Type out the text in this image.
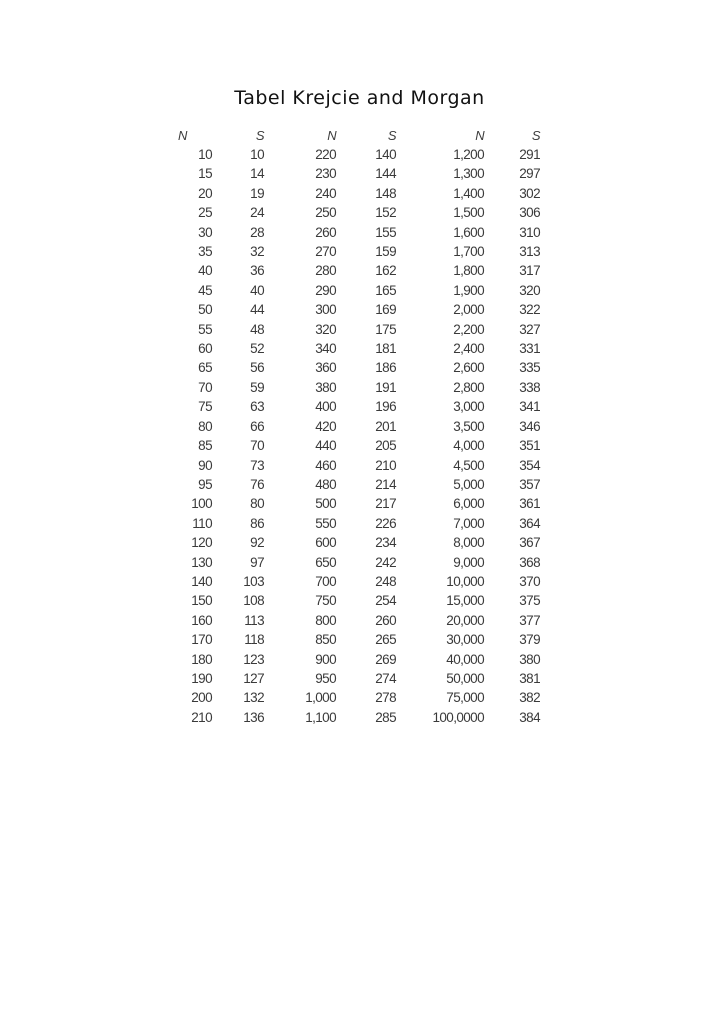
Tabel Krejcie and Morgan
N	S	N	S	N	S
10	10	220	140	1,200	291
15	14	230	144	1,300	297
20	19	240	148	1,400	302
25	24	250	152	1,500	306
30	28	260	155	1,600	310
35	32	270	159	1,700	313
40	36	280	162	1,800	317
45	40	290	165	1,900	320
50	44	300	169	2,000	322
55	48	320	175	2,200	327
60	52	340	181	2,400	331
65	56	360	186	2,600	335
70	59	380	191	2,800	338
75	63	400	196	3,000	341
80	66	420	201	3,500	346
85	70	440	205	4,000	351
90	73	460	210	4,500	354
95	76	480	214	5,000	357
100	80	500	217	6,000	361
110	86	550	226	7,000	364
120	92	600	234	8,000	367
130	97	650	242	9,000	368
140	103	700	248	10,000	370
150	108	750	254	15,000	375
160	113	800	260	20,000	377
170	118	850	265	30,000	379
180	123	900	269	40,000	380
190	127	950	274	50,000	381
200	132	1,000	278	75,000	382
210	136	1,100	285	100,0000	384
